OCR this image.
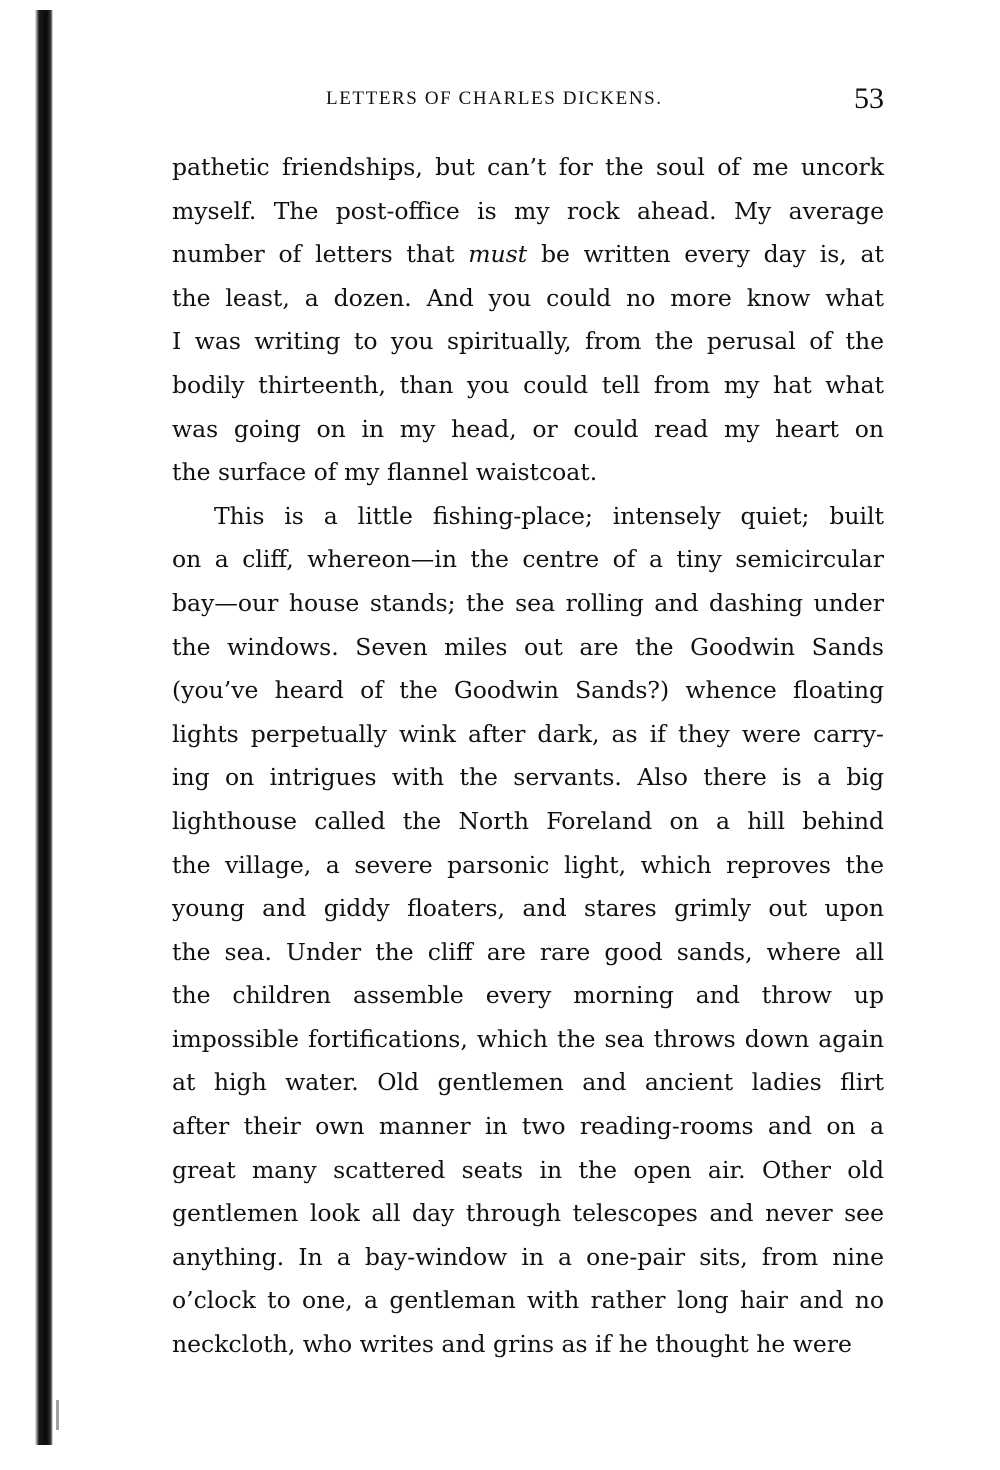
LETTERS OF CHARLES DICKENS.	53
pathetic friendships, but can’t for the soul of me uncork
myself. The post-office is my rock ahead. My average
number of letters that must be written every day is, at
the least, a dozen. And you could no more know what
I was writing to you spiritually, from the perusal of the
bodily thirteenth, than you could tell from my hat what
was going on in my head, or could read my heart on
the surface of my flannel waistcoat.
This is a little fishing-place; intensely quiet; built
on a cliff, whereon—in the centre of a tiny semicircular
bay—our house stands; the sea rolling and dashing under
the windows. Seven miles out are the Goodwin Sands
(you’ve heard of the Goodwin Sands?) whence floating
lights perpetually wink after dark, as if they were carry-
ing on intrigues with the servants. Also there is a big
lighthouse called the North Foreland on a hill behind
the village, a severe parsonic light, which reproves the
young and giddy floaters, and stares grimly out upon
the sea. Under the cliff are rare good sands, where all
the children assemble every morning and throw up
impossible fortifications, which the sea throws down again
at high water. Old gentlemen and ancient ladies flirt
after their own manner in two reading-rooms and on a
great many scattered seats in the open air. Other old
gentlemen look all day through telescopes and never see
anything. In a bay-window in a one-pair sits, from nine
o’clock to one, a gentleman with rather long hair and no
neckcloth, who writes and grins as if he thought he were
